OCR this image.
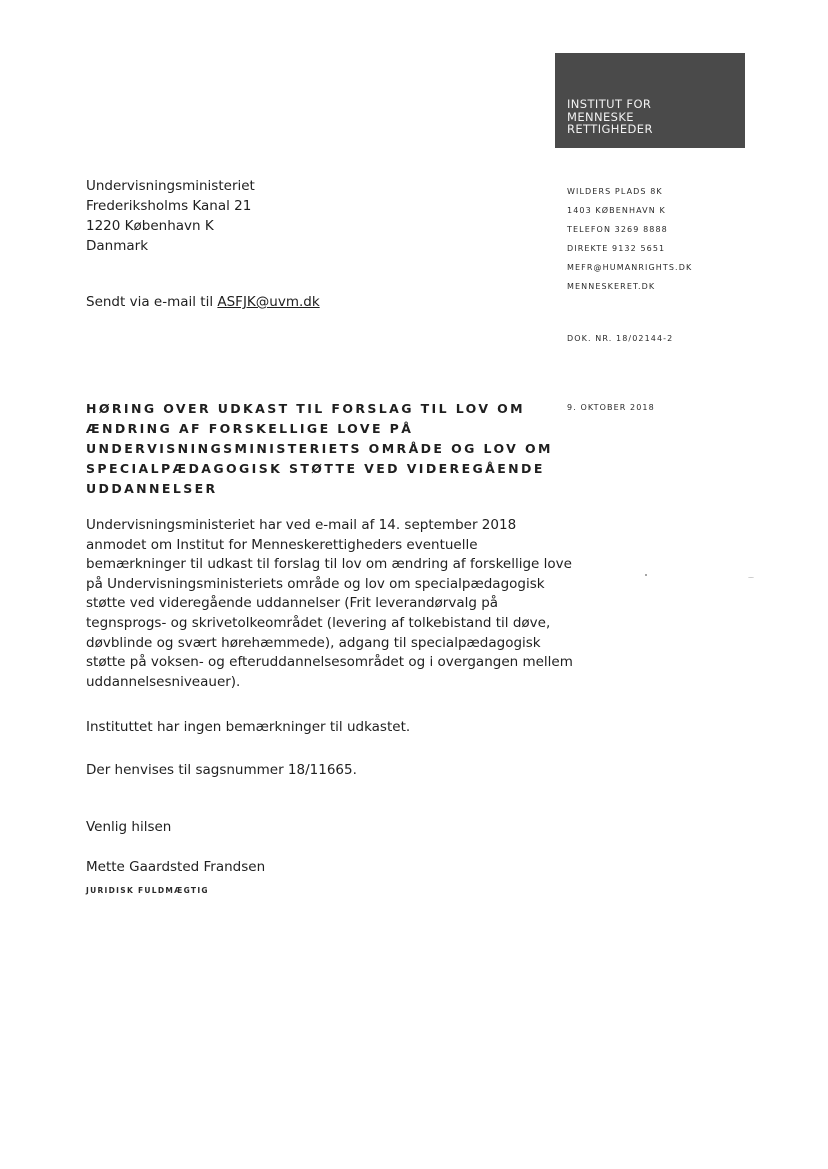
INSTITUT FOR
MENNESKE
RETTIGHEDER
Undervisningsministeriet
Frederiksholms Kanal 21
1220 København K
Danmark
Sendt via e-mail til ASFJK@uvm.dk
WILDERS PLADS 8K
1403 KØBENHAVN K
TELEFON 3269 8888
DIREKTE 9132 5651
MEFR@HUMANRIGHTS.DK
MENNESKERET.DK
DOK. NR. 18/02144-2
9. OKTOBER 2018
HØRING OVER UDKAST TIL FORSLAG TIL LOV OM
ÆNDRING AF FORSKELLIGE LOVE PÅ
UNDERVISNINGSMINISTERIETS OMRÅDE OG LOV OM
SPECIALPÆDAGOGISK STØTTE VED VIDEREGÅENDE
UDDANNELSER
Undervisningsministeriet har ved e-mail af 14. september 2018
anmodet om Institut for Menneskerettigheders eventuelle
bemærkninger til udkast til forslag til lov om ændring af forskellige love
på Undervisningsministeriets område og lov om specialpædagogisk
støtte ved videregående uddannelser (Frit leverandørvalg på
tegnsprogs- og skrivetolkeområdet (levering af tolkebistand til døve,
døvblinde og svært hørehæmmede), adgang til specialpædagogisk
støtte på voksen- og efteruddannelsesområdet og i overgangen mellem
uddannelsesniveauer).
Instituttet har ingen bemærkninger til udkastet.
Der henvises til sagsnummer 18/11665.
Venlig hilsen
Mette Gaardsted Frandsen
JURIDISK FULDMÆGTIG
